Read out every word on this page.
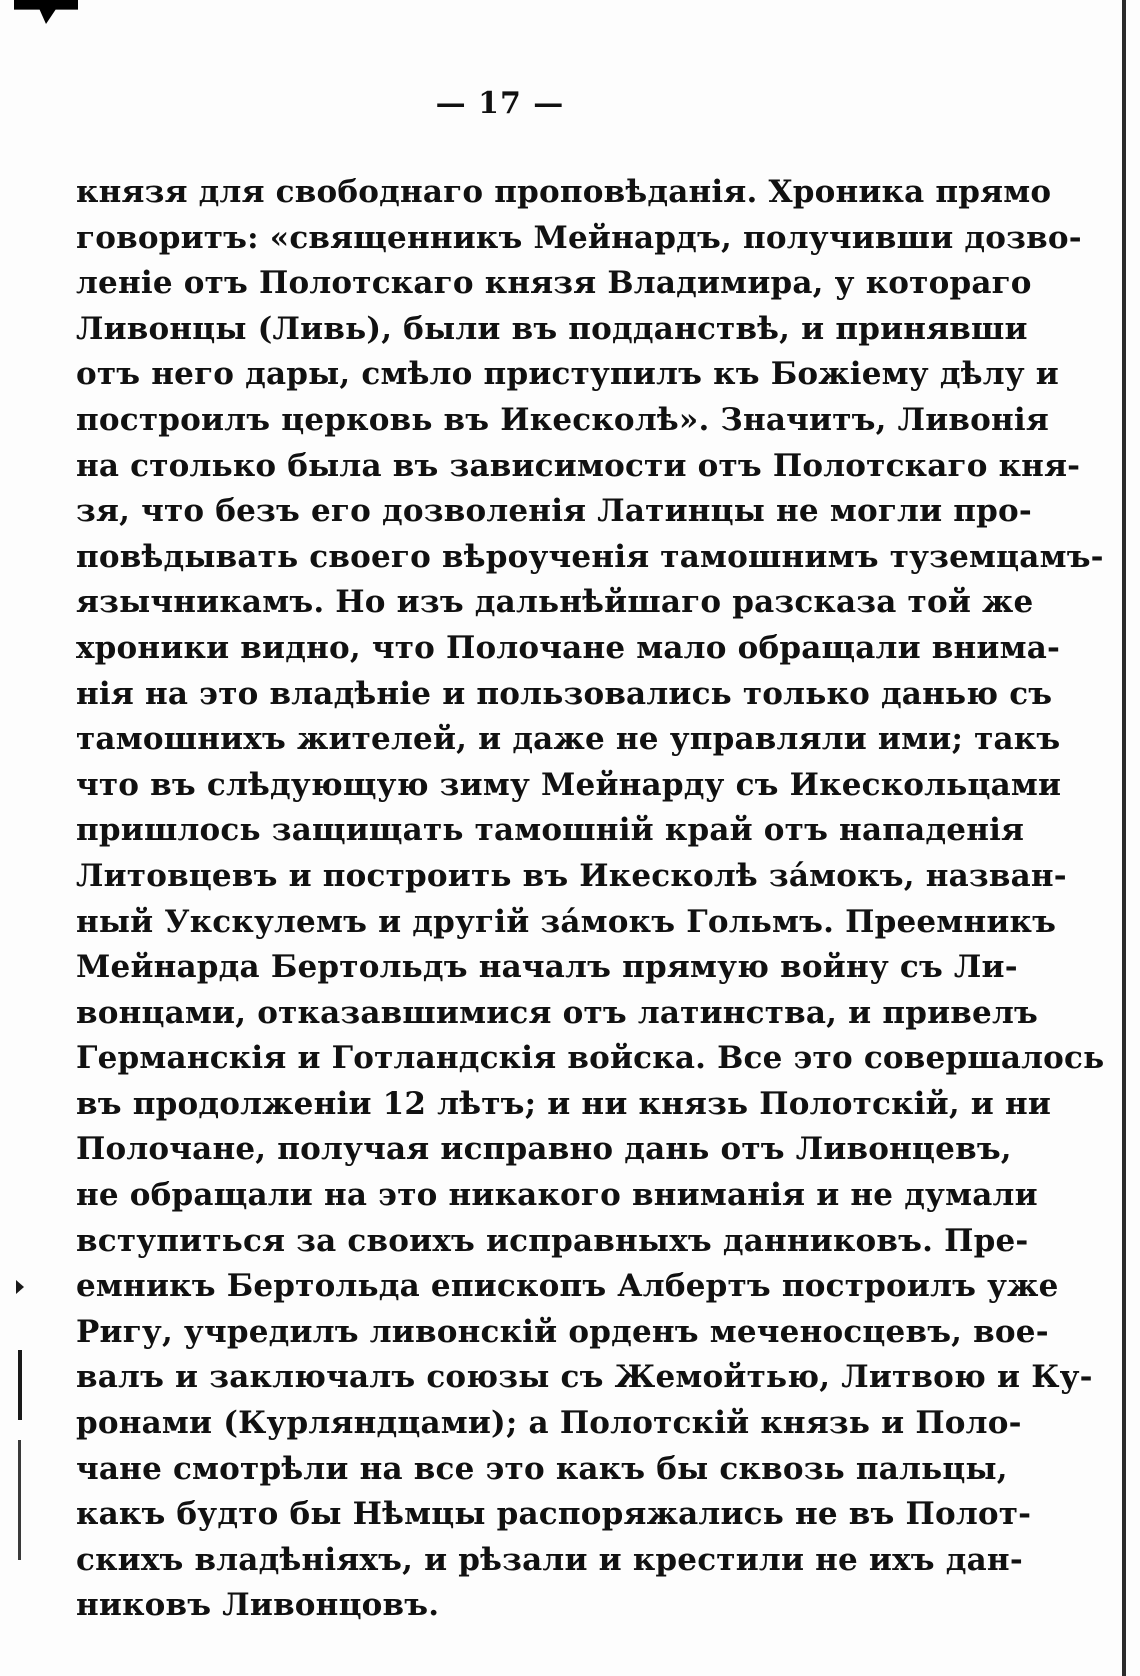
— 17 —
князя для свободнаго проповѣданія. Хроника прямо
говоритъ: «священникъ Мейнардъ, получивши дозво-
леніе отъ Полотскаго князя Владимира, у котораго
Ливонцы (Ливь), были въ подданствѣ, и принявши
отъ него дары, смѣло приступилъ къ Божіему дѣлу и
построилъ церковь въ Икесколѣ». Значитъ, Ливонія
на столько была въ зависимости отъ Полотскаго кня-
зя, что безъ его дозволенія Латинцы не могли про-
повѣдывать своего вѣроученія тамошнимъ туземцамъ-
язычникамъ. Но изъ дальнѣйшаго разсказа той же
хроники видно, что Полочане мало обращали внима-
нія на это владѣніе и пользовались только данью съ
тамошнихъ жителей, и даже не управляли ими; такъ
что въ слѣдующую зиму Мейнарду съ Икескольцами
пришлось защищать тамошній край отъ нападенія
Литовцевъ и построить въ Икесколѣ за́мокъ, назван-
ный Укскулемъ и другій за́мокъ Гольмъ. Преемникъ
Мейнарда Бертольдъ началъ прямую войну съ Ли-
вонцами, отказавшимися отъ латинства, и привелъ
Германскія и Готландскія войска. Все это совершалось
въ продолженіи 12 лѣтъ; и ни князь Полотскій, и ни
Полочане, получая исправно дань отъ Ливонцевъ,
не обращали на это никакого вниманія и не думали
вступиться за своихъ исправныхъ данниковъ. Пре-
емникъ Бертольда епископъ Албертъ построилъ уже
Ригу, учредилъ ливонскій орденъ меченосцевъ, вое-
валъ и заключалъ союзы съ Жемойтью, Литвою и Ку-
ронами (Курляндцами); а Полотскій князь и Поло-
чане смотрѣли на все это какъ бы сквозь пальцы,
какъ будто бы Нѣмцы распоряжались не въ Полот-
скихъ владѣніяхъ, и рѣзали и крестили не ихъ дан-
никовъ Ливонцовъ.
